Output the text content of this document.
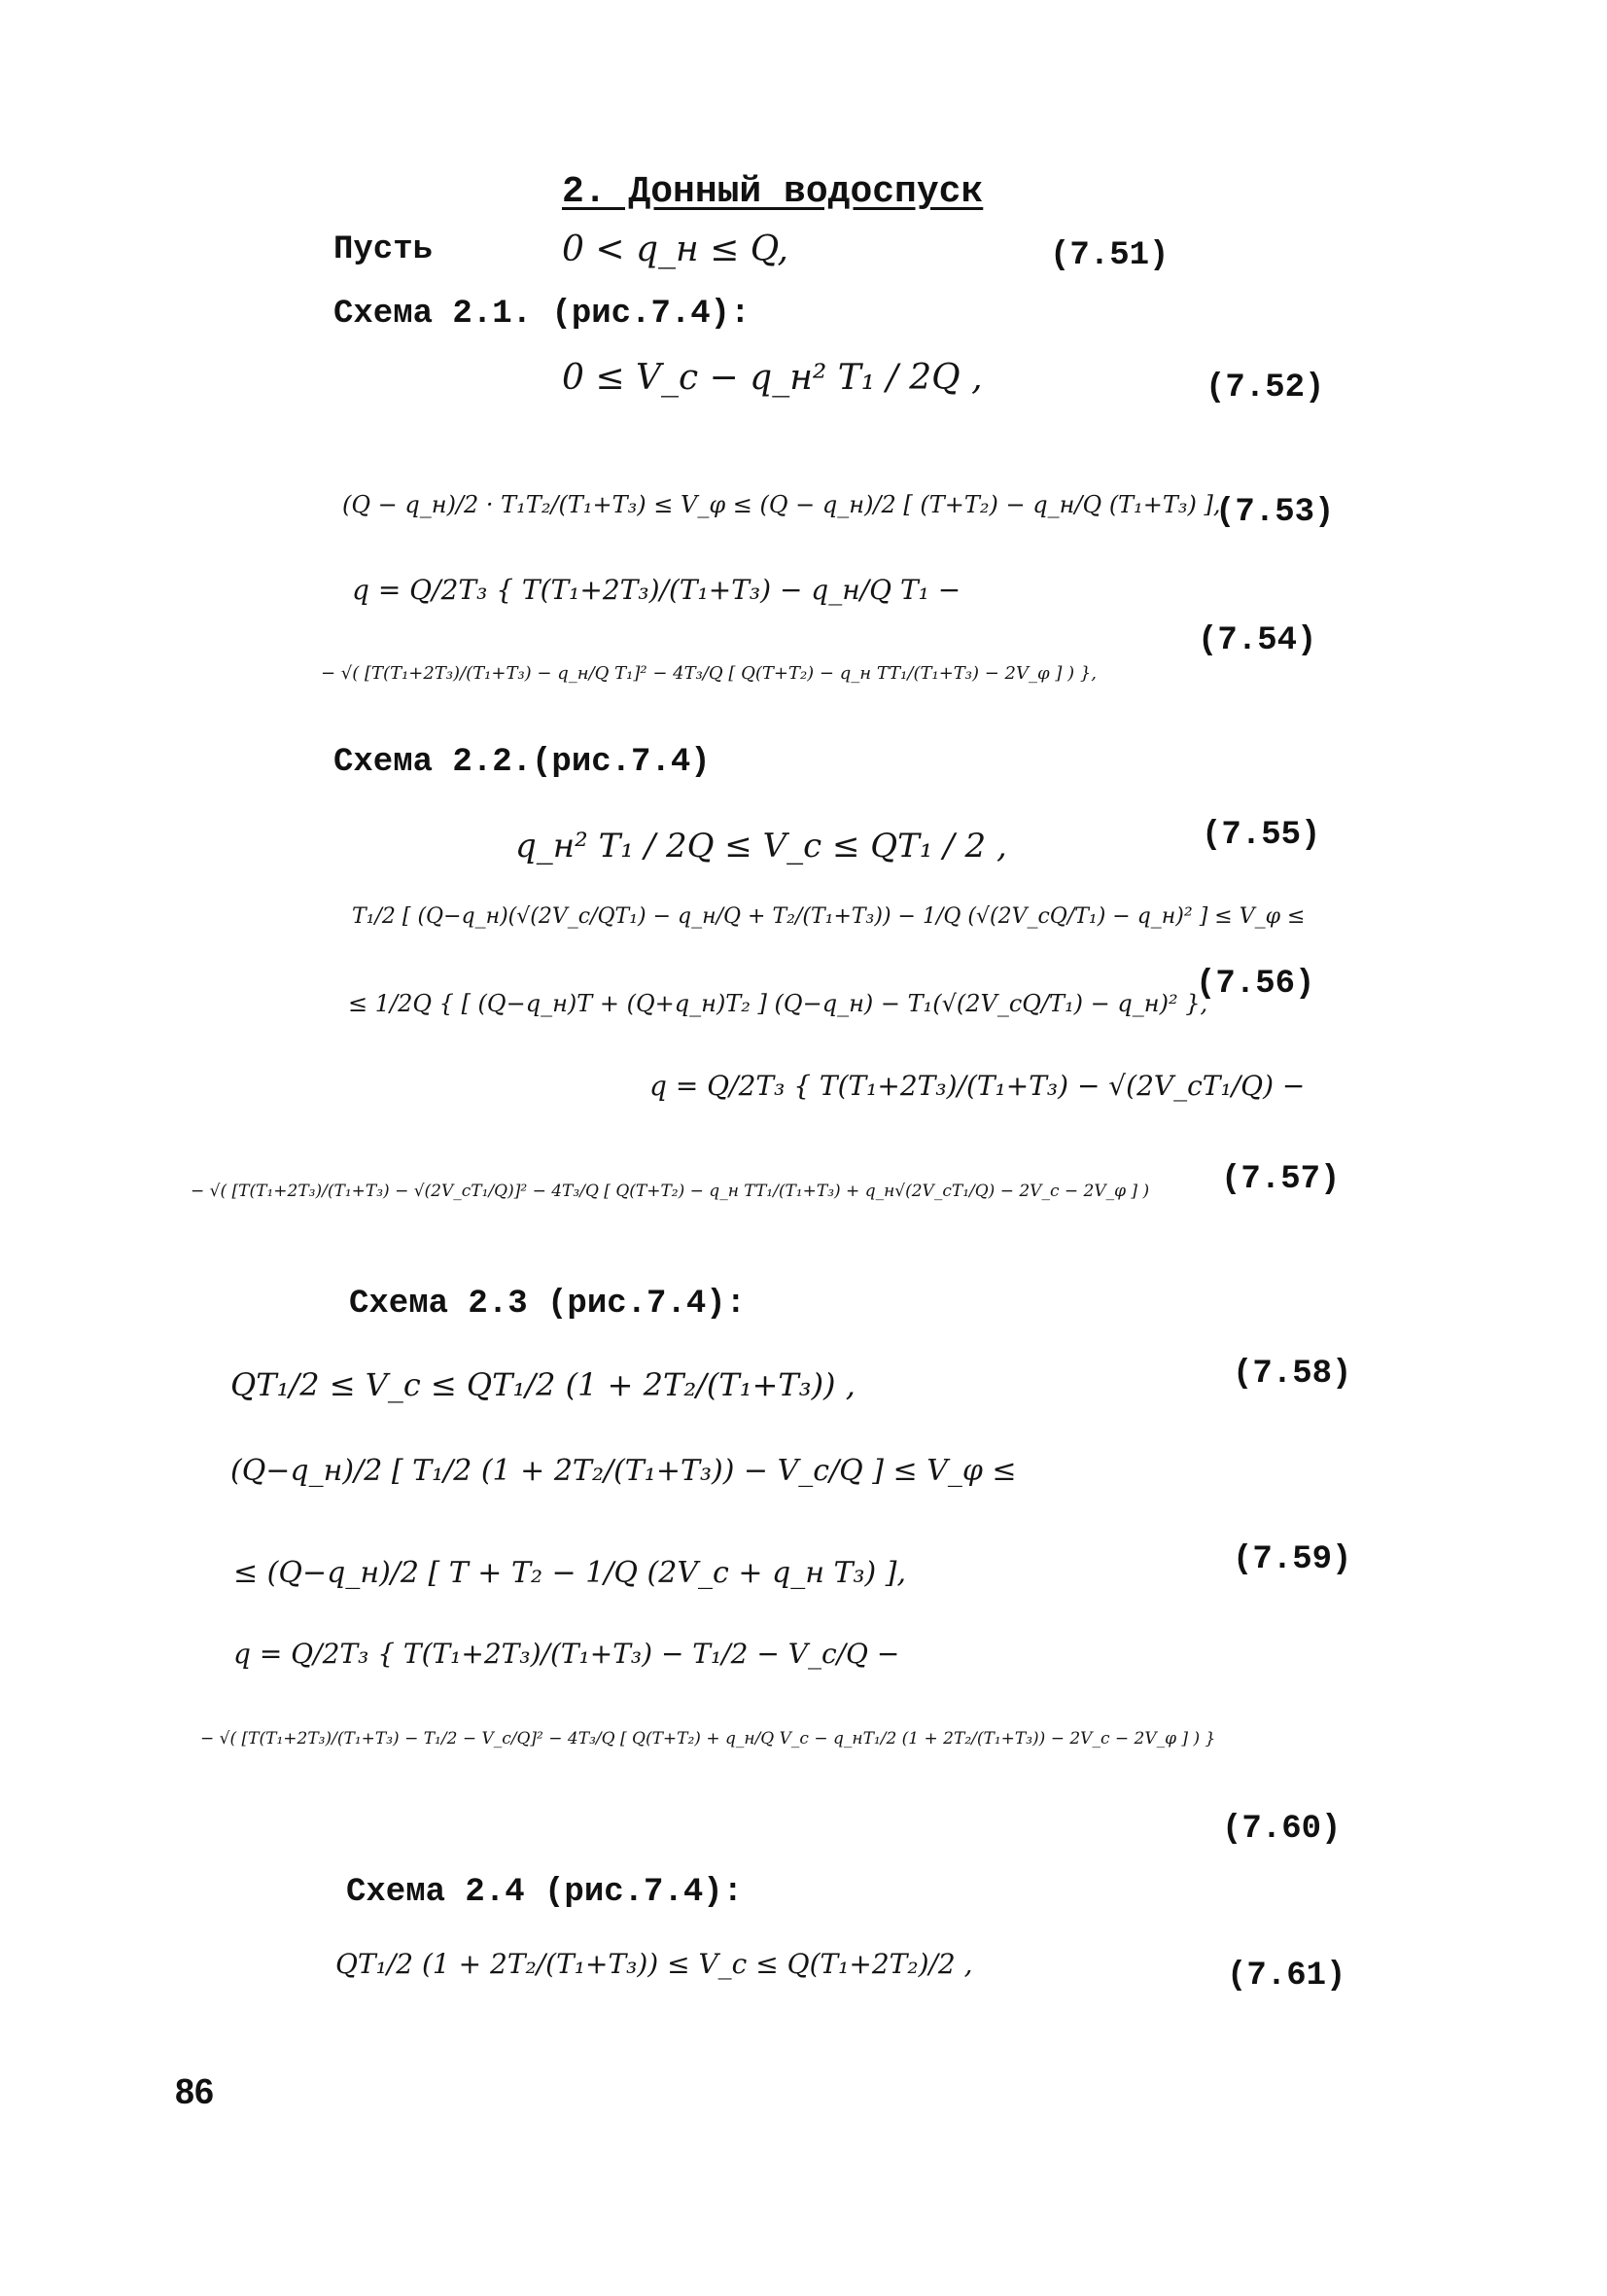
2. Донный водоспуск
Пусть	0 < q_н ≤ Q,	(7.51)
Схема 2.1. (рис.7.4):
0 ≤ V_c − q_н² T₁ / 2Q ,	(7.52)
(Q − q_н)/2 · T₁T₂/(T₁+T₃) ≤ V_φ ≤ (Q − q_н)/2 [ (T+T₂) − q_н/Q (T₁+T₃) ],
(7.53)
q = Q/2T₃ { T(T₁+2T₃)/(T₁+T₃) − q_н/Q T₁ −
(7.54)
− √( [T(T₁+2T₃)/(T₁+T₃) − q_н/Q T₁]² − 4T₃/Q [ Q(T+T₂) − q_н TT₁/(T₁+T₃) − 2V_φ ] ) },
Схема 2.2.(рис.7.4)
q_н² T₁ / 2Q ≤ V_c ≤ QT₁ / 2 ,	(7.55)
T₁/2 [ (Q−q_н)(√(2V_c/QT₁) − q_н/Q + T₂/(T₁+T₃)) − 1/Q (√(2V_cQ/T₁) − q_н)² ] ≤ V_φ ≤
(7.56)
≤ 1/2Q { [ (Q−q_н)T + (Q+q_н)T₂ ] (Q−q_н) − T₁(√(2V_cQ/T₁) − q_н)² },
q = Q/2T₃ { T(T₁+2T₃)/(T₁+T₃) − √(2V_cT₁/Q) −
− √( [T(T₁+2T₃)/(T₁+T₃) − √(2V_cT₁/Q)]² − 4T₃/Q [ Q(T+T₂) − q_н TT₁/(T₁+T₃) + q_н√(2V_cT₁/Q) − 2V_c − 2V_φ ] ) (7.57)
Схема 2.3 (рис.7.4):
QT₁/2 ≤ V_c ≤ QT₁/2 (1 + 2T₂/(T₁+T₃)) ,	(7.58)
(Q−q_н)/2 [ T₁/2 (1 + 2T₂/(T₁+T₃)) − V_c/Q ] ≤ V_φ ≤
≤ (Q−q_н)/2 [ T + T₂ − 1/Q (2V_c + q_н T₃) ],	(7.59)
q = Q/2T₃ { T(T₁+2T₃)/(T₁+T₃) − T₁/2 − V_c/Q −
− √( [T(T₁+2T₃)/(T₁+T₃) − T₁/2 − V_c/Q]² − 4T₃/Q [ Q(T+T₂) + q_н/Q V_c − q_нT₁/2 (1 + 2T₂/(T₁+T₃)) − 2V_c − 2V_φ ] ) }
(7.60)
Схема 2.4 (рис.7.4):
QT₁/2 (1 + 2T₂/(T₁+T₃)) ≤ V_c ≤ Q(T₁+2T₂)/2 ,	(7.61)
86
